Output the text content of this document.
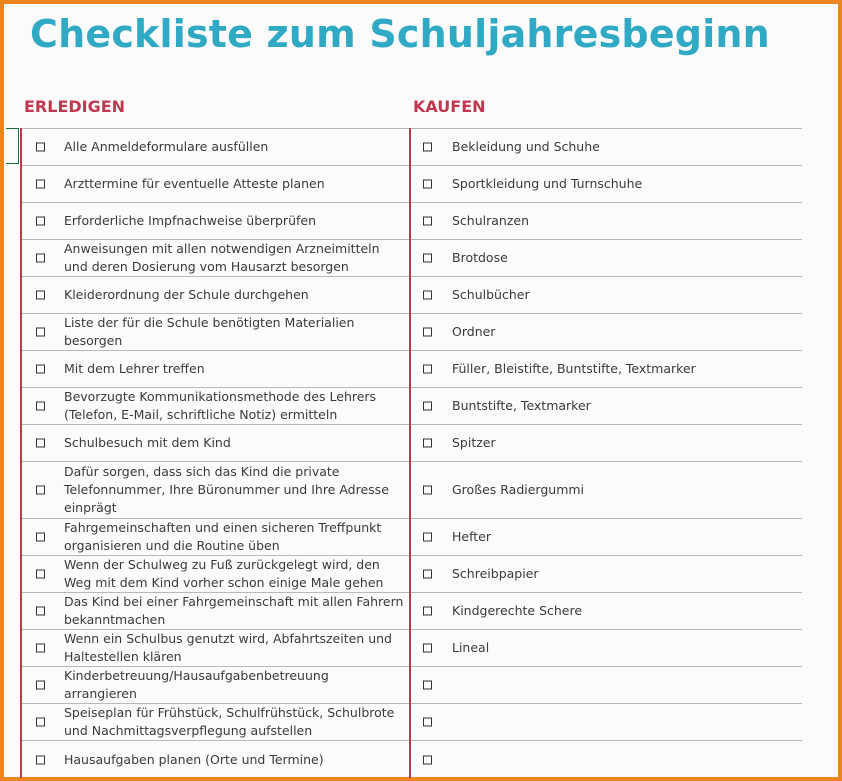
Checkliste zum Schuljahresbeginn
ERLEDIGEN	KAUFEN
Alle Anmeldeformulare ausfüllen
Arzttermine für eventuelle Atteste planen
Erforderliche Impfnachweise überprüfen
Anweisungen mit allen notwendigen Arzneimitteln und deren Dosierung vom Hausarzt besorgen
Kleiderordnung der Schule durchgehen
Liste der für die Schule benötigten Materialien besorgen
Mit dem Lehrer treffen
Bevorzugte Kommunikationsmethode des Lehrers (Telefon, E-Mail, schriftliche Notiz) ermitteln
Schulbesuch mit dem Kind
Dafür sorgen, dass sich das Kind die private Telefonnummer, Ihre Büronummer und Ihre Adresse einprägt
Fahrgemeinschaften und einen sicheren Treffpunkt organisieren und die Routine üben
Wenn der Schulweg zu Fuß zurückgelegt wird, den Weg mit dem Kind vorher schon einige Male gehen
Das Kind bei einer Fahrgemeinschaft mit allen Fahrern bekanntmachen
Wenn ein Schulbus genutzt wird, Abfahrtszeiten und Haltestellen klären
Kinderbetreuung/Hausaufgabenbetreuung arrangieren
Speiseplan für Frühstück, Schulfrühstück, Schulbrote und Nachmittagsverpflegung aufstellen
Hausaufgaben planen (Orte und Termine)
Bekleidung und Schuhe
Sportkleidung und Turnschuhe
Schulranzen
Brotdose
Schulbücher
Ordner
Füller, Bleistifte, Buntstifte, Textmarker
Buntstifte, Textmarker
Spitzer
Großes Radiergummi
Hefter
Schreibpapier
Kindgerechte Schere
Lineal
